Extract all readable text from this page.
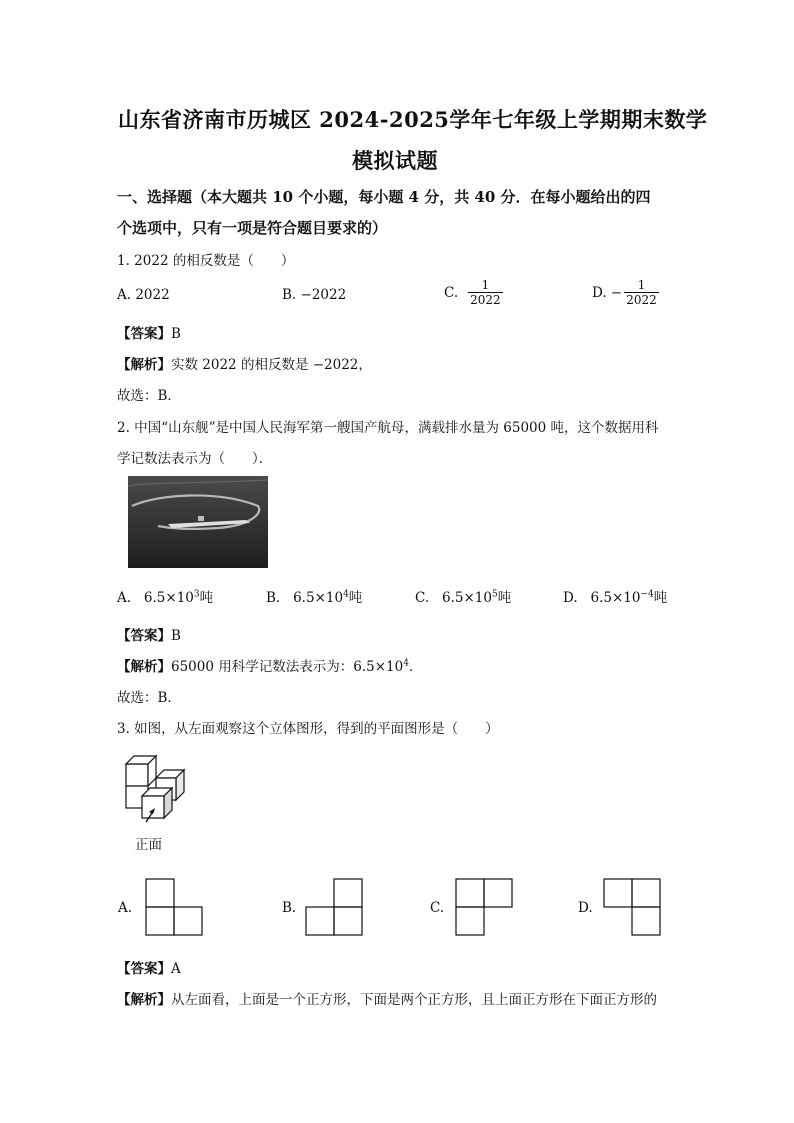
山东省济南市历城区 2024-2025学年七年级上学期期末数学
模拟试题
一、选择题（本大题共 10 个小题，每小题 4 分，共 40 分．在每小题给出的四
个选项中，只有一项是符合题目要求的）
1. 2022 的相反数是（　　）
A. 2022	B. −2022	C. $\frac{1}{2022}$	D. − $\frac{1}{2022}$
【答案】B
【解析】实数 2022 的相反数是 −2022，
故选：B．
2. 中国“山东舰”是中国人民海军第一艘国产航母，满载排水量为 65000 吨，这个数据用科
学记数法表示为（　　）．
A. $6.5\times 10^3$吨	B. $6.5\times 10^4$吨	C. $6.5\times 10^5$吨	D. $6.5\times 10^{-4}$吨
【答案】B
【解析】65000 用科学记数法表示为：$6.5\times 10^4$．
故选：B．
3. 如图，从左面观察这个立体图形，得到的平面图形是（　　）
正面
A.	B.	C.	D.
【答案】A
【解析】从左面看，上面是一个正方形，下面是两个正方形，且上面正方形在下面正方形的
